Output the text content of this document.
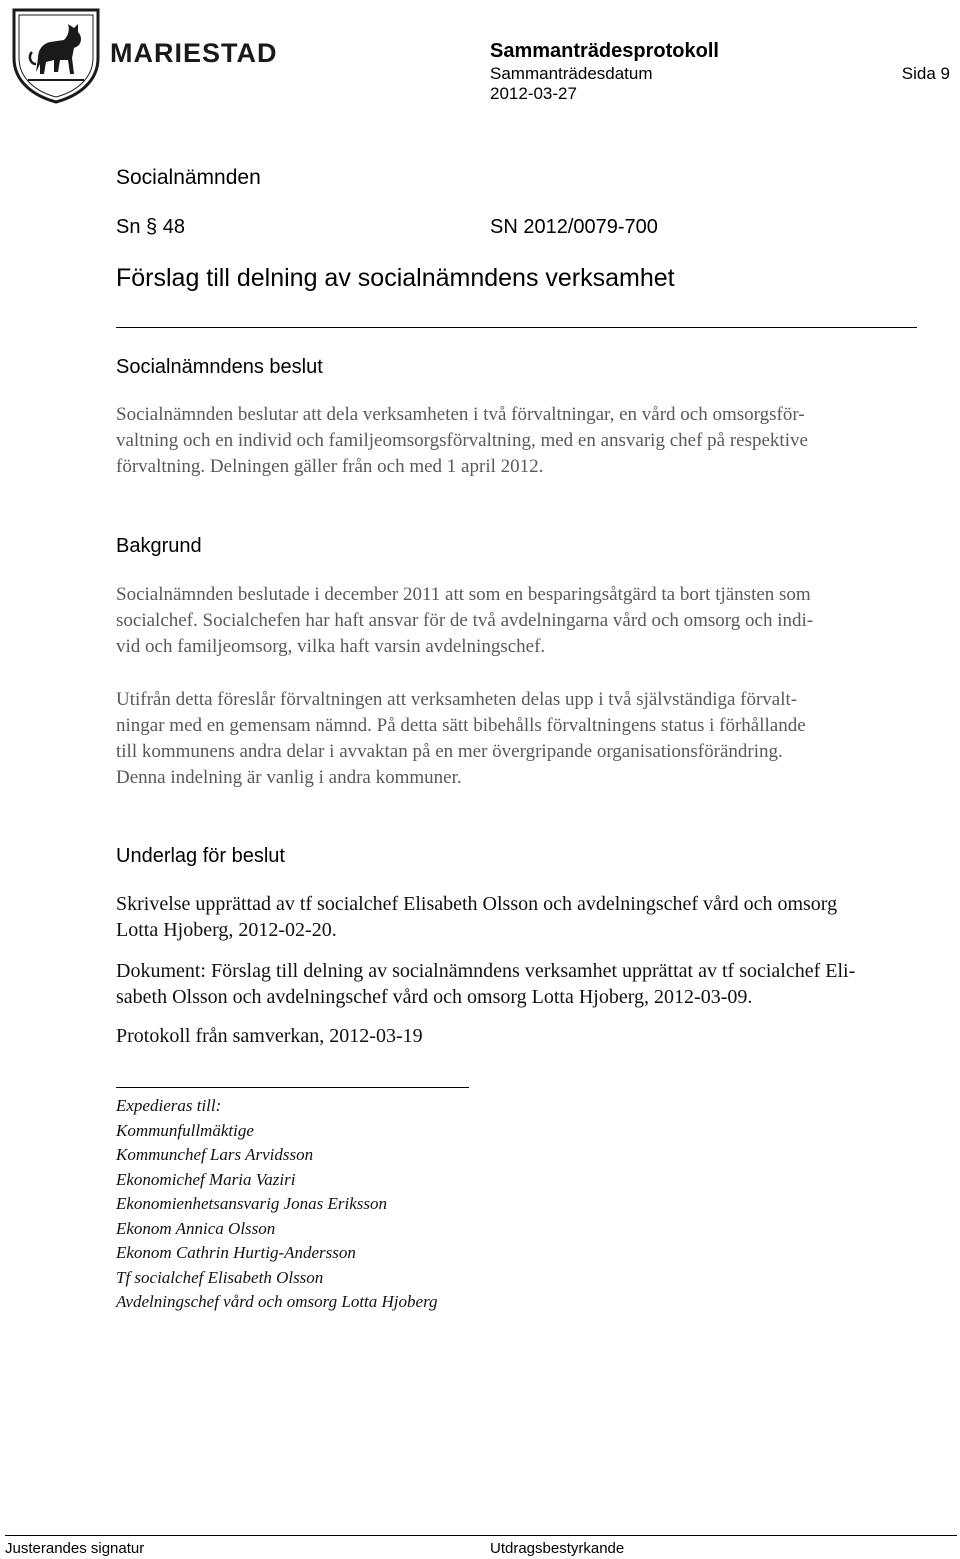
MARIESTAD	Sammanträdesprotokoll
Sammanträdesdatum	Sida 9
2012-03-27
Socialnämnden
Sn § 48	SN 2012/0079-700
Förslag till delning av socialnämndens verksamhet
Socialnämndens beslut

Socialnämnden beslutar att dela verksamheten i två förvaltningar, en vård och omsorgsför-
valtning och en individ och familjeomsorgsförvaltning, med en ansvarig chef på respektive
förvaltning. Delningen gäller från och med 1 april 2012.

Bakgrund

Socialnämnden beslutade i december 2011 att som en besparingsåtgärd ta bort tjänsten som
socialchef. Socialchefen har haft ansvar för de två avdelningarna vård och omsorg och indi-
vid och familjeomsorg, vilka haft varsin avdelningschef.

Utifrån detta föreslår förvaltningen att verksamheten delas upp i två självständiga förvalt-
ningar med en gemensam nämnd. På detta sätt bibehålls förvaltningens status i förhållande
till kommunens andra delar i avvaktan på en mer övergripande organisationsförändring.
Denna indelning är vanlig i andra kommuner.

Underlag för beslut

Skrivelse upprättad av tf socialchef Elisabeth Olsson och avdelningschef vård och omsorg
Lotta Hjoberg, 2012-02-20.

Dokument: Förslag till delning av socialnämndens verksamhet upprättat av tf socialchef Eli-
sabeth Olsson och avdelningschef vård och omsorg Lotta Hjoberg, 2012-03-09.

Protokoll från samverkan, 2012-03-19

Expedieras till:
Kommunfullmäktige
Kommunchef Lars Arvidsson
Ekonomichef Maria Vaziri
Ekonomienhetsansvarig Jonas Eriksson
Ekonom Annica Olsson
Ekonom Cathrin Hurtig-Andersson
Tf socialchef Elisabeth Olsson
Avdelningschef vård och omsorg Lotta Hjoberg
Justerandes signatur	Utdragsbestyrkande
